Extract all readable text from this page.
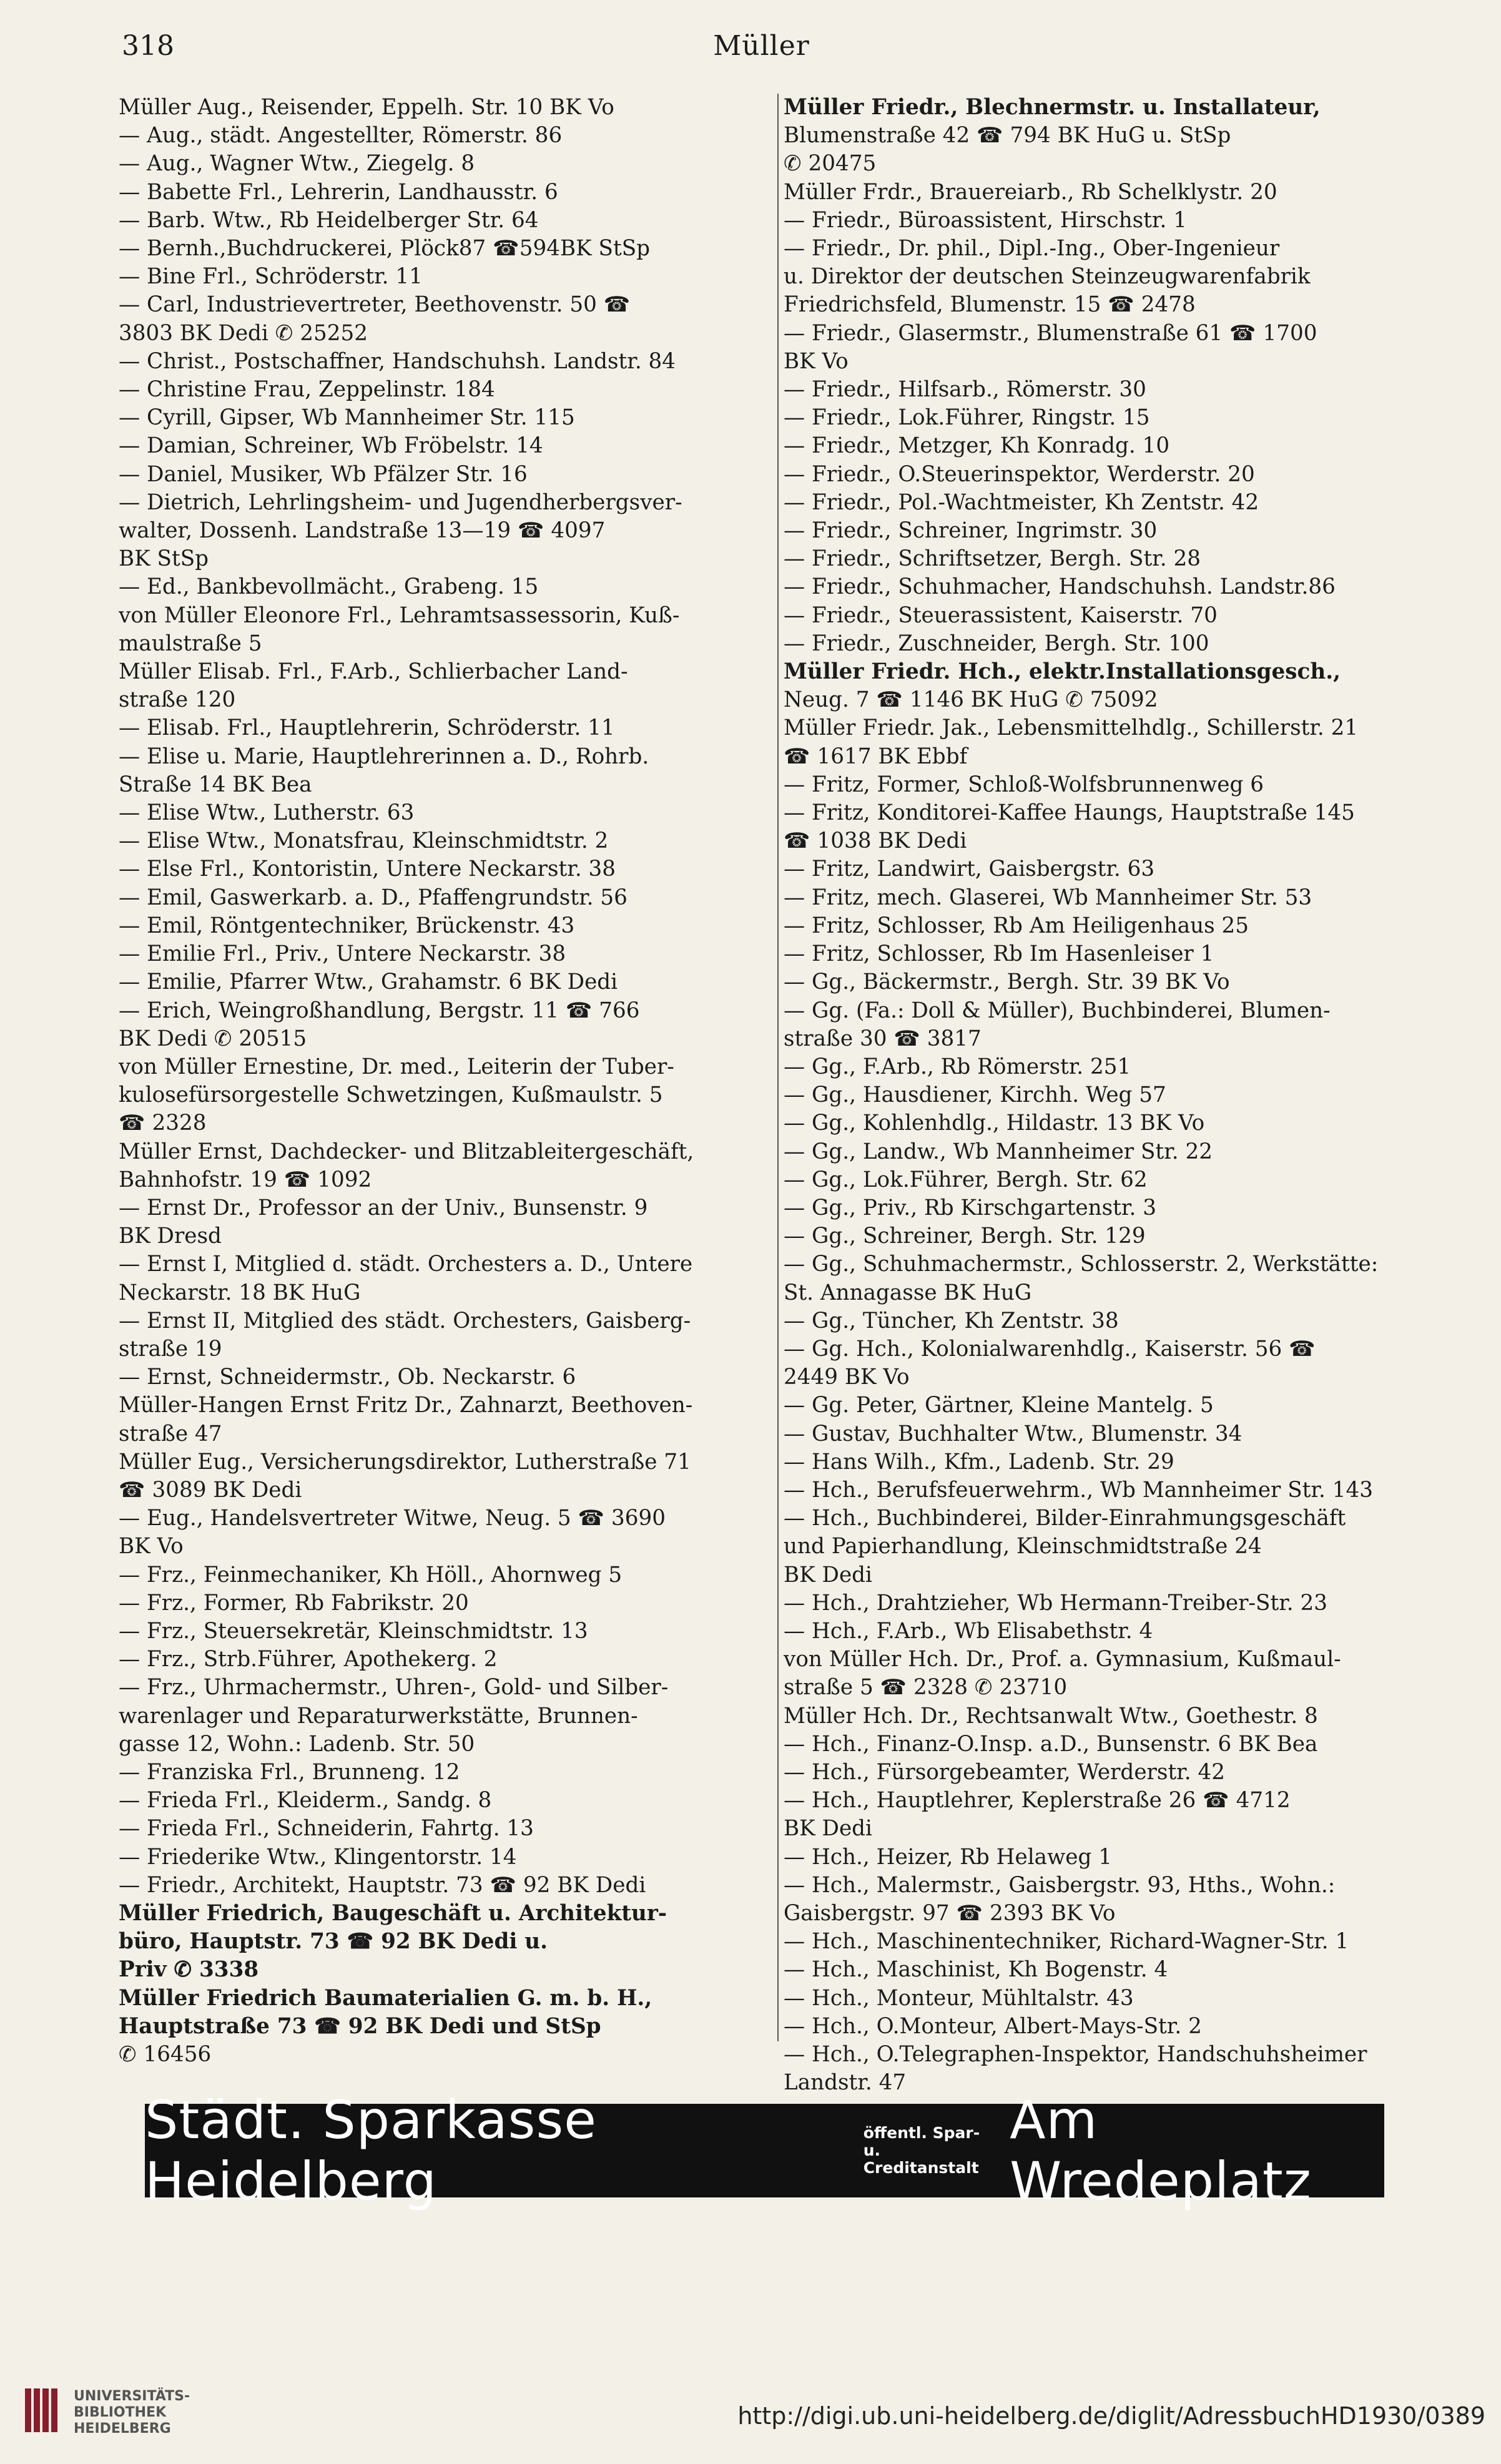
318	Müller
Müller Aug., Reisender, Eppelh. Str. 10 BK Vo
— Aug., städt. Angestellter, Römerstr. 86
— Aug., Wagner Wtw., Ziegelg. 8
— Babette Frl., Lehrerin, Landhausstr. 6
— Barb. Wtw., Rb Heidelberger Str. 64
— Bernh.,Buchdruckerei, Plöck87 ☎594BK StSp
— Bine Frl., Schröderstr. 11
— Carl, Industrievertreter, Beethovenstr. 50 ☎
3803 BK Dedi ✆ 25252
— Christ., Postschaffner, Handschuhsh. Landstr. 84
— Christine Frau, Zeppelinstr. 184
— Cyrill, Gipser, Wb Mannheimer Str. 115
— Damian, Schreiner, Wb Fröbelstr. 14
— Daniel, Musiker, Wb Pfälzer Str. 16
— Dietrich, Lehrlingsheim- und Jugendherbergsver-
walter, Dossenh. Landstraße 13—19 ☎ 4097
BK StSp
— Ed., Bankbevollmächt., Grabeng. 15
von Müller Eleonore Frl., Lehramtsassessorin, Kuß-
maulstraße 5
Müller Elisab. Frl., F.Arb., Schlierbacher Land-
straße 120
— Elisab. Frl., Hauptlehrerin, Schröderstr. 11
— Elise u. Marie, Hauptlehrerinnen a. D., Rohrb.
Straße 14 BK Bea
— Elise Wtw., Lutherstr. 63
— Elise Wtw., Monatsfrau, Kleinschmidtstr. 2
— Else Frl., Kontoristin, Untere Neckarstr. 38
— Emil, Gaswerkarb. a. D., Pfaffengrundstr. 56
— Emil, Röntgentechniker, Brückenstr. 43
— Emilie Frl., Priv., Untere Neckarstr. 38
— Emilie, Pfarrer Wtw., Grahamstr. 6 BK Dedi
— Erich, Weingroßhandlung, Bergstr. 11 ☎ 766
BK Dedi ✆ 20515
von Müller Ernestine, Dr. med., Leiterin der Tuber-
kulosefürsorgestelle Schwetzingen, Kußmaulstr. 5
☎ 2328
Müller Ernst, Dachdecker- und Blitzableitergeschäft,
Bahnhofstr. 19 ☎ 1092
— Ernst Dr., Professor an der Univ., Bunsenstr. 9
BK Dresd
— Ernst I, Mitglied d. städt. Orchesters a. D., Untere
Neckarstr. 18 BK HuG
— Ernst II, Mitglied des städt. Orchesters, Gaisberg-
straße 19
— Ernst, Schneidermstr., Ob. Neckarstr. 6
Müller-Hangen Ernst Fritz Dr., Zahnarzt, Beethoven-
straße 47
Müller Eug., Versicherungsdirektor, Lutherstraße 71
☎ 3089 BK Dedi
— Eug., Handelsvertreter Witwe, Neug. 5 ☎ 3690
BK Vo
— Frz., Feinmechaniker, Kh Höll., Ahornweg 5
— Frz., Former, Rb Fabrikstr. 20
— Frz., Steuersekretär, Kleinschmidtstr. 13
— Frz., Strb.Führer, Apothekerg. 2
— Frz., Uhrmachermstr., Uhren-, Gold- und Silber-
warenlager und Reparaturwerkstätte, Brunnen-
gasse 12, Wohn.: Ladenb. Str. 50
— Franziska Frl., Brunneng. 12
— Frieda Frl., Kleiderm., Sandg. 8
— Frieda Frl., Schneiderin, Fahrtg. 13
— Friederike Wtw., Klingentorstr. 14
— Friedr., Architekt, Hauptstr. 73 ☎ 92 BK Dedi
Müller Friedrich, Baugeschäft u. Architektur-
büro, Hauptstr. 73 ☎ 92 BK Dedi u.
Priv ✆ 3338
Müller Friedrich Baumaterialien G. m. b. H.,
Hauptstraße 73 ☎ 92 BK Dedi und StSp
✆ 16456
Müller Friedr., Blechnermstr. u. Installateur,
Blumenstraße 42 ☎ 794 BK HuG u. StSp
✆ 20475
Müller Frdr., Brauereiarb., Rb Schelklystr. 20
— Friedr., Büroassistent, Hirschstr. 1
— Friedr., Dr. phil., Dipl.-Ing., Ober-Ingenieur
u. Direktor der deutschen Steinzeugwarenfabrik
Friedrichsfeld, Blumenstr. 15 ☎ 2478
— Friedr., Glasermstr., Blumenstraße 61 ☎ 1700
BK Vo
— Friedr., Hilfsarb., Römerstr. 30
— Friedr., Lok.Führer, Ringstr. 15
— Friedr., Metzger, Kh Konradg. 10
— Friedr., O.Steuerinspektor, Werderstr. 20
— Friedr., Pol.-Wachtmeister, Kh Zentstr. 42
— Friedr., Schreiner, Ingrimstr. 30
— Friedr., Schriftsetzer, Bergh. Str. 28
— Friedr., Schuhmacher, Handschuhsh. Landstr.86
— Friedr., Steuerassistent, Kaiserstr. 70
— Friedr., Zuschneider, Bergh. Str. 100
Müller Friedr. Hch., elektr.Installationsgesch.,
Neug. 7 ☎ 1146 BK HuG ✆ 75092
Müller Friedr. Jak., Lebensmittelhdlg., Schillerstr. 21
☎ 1617 BK Ebbf
— Fritz, Former, Schloß-Wolfsbrunnenweg 6
— Fritz, Konditorei-Kaffee Haungs, Hauptstraße 145
☎ 1038 BK Dedi
— Fritz, Landwirt, Gaisbergstr. 63
— Fritz, mech. Glaserei, Wb Mannheimer Str. 53
— Fritz, Schlosser, Rb Am Heiligenhaus 25
— Fritz, Schlosser, Rb Im Hasenleiser 1
— Gg., Bäckermstr., Bergh. Str. 39 BK Vo
— Gg. (Fa.: Doll & Müller), Buchbinderei, Blumen-
straße 30 ☎ 3817
— Gg., F.Arb., Rb Römerstr. 251
— Gg., Hausdiener, Kirchh. Weg 57
— Gg., Kohlenhdlg., Hildastr. 13 BK Vo
— Gg., Landw., Wb Mannheimer Str. 22
— Gg., Lok.Führer, Bergh. Str. 62
— Gg., Priv., Rb Kirschgartenstr. 3
— Gg., Schreiner, Bergh. Str. 129
— Gg., Schuhmachermstr., Schlosserstr. 2, Werkstätte:
St. Annagasse BK HuG
— Gg., Tüncher, Kh Zentstr. 38
— Gg. Hch., Kolonialwarenhdlg., Kaiserstr. 56 ☎
2449 BK Vo
— Gg. Peter, Gärtner, Kleine Mantelg. 5
— Gustav, Buchhalter Wtw., Blumenstr. 34
— Hans Wilh., Kfm., Ladenb. Str. 29
— Hch., Berufsfeuerwehrm., Wb Mannheimer Str. 143
— Hch., Buchbinderei, Bilder-Einrahmungsgeschäft
und Papierhandlung, Kleinschmidtstraße 24
BK Dedi
— Hch., Drahtzieher, Wb Hermann-Treiber-Str. 23
— Hch., F.Arb., Wb Elisabethstr. 4
von Müller Hch. Dr., Prof. a. Gymnasium, Kußmaul-
straße 5 ☎ 2328 ✆ 23710
Müller Hch. Dr., Rechtsanwalt Wtw., Goethestr. 8
— Hch., Finanz-O.Insp. a.D., Bunsenstr. 6 BK Bea
— Hch., Fürsorgebeamter, Werderstr. 42
— Hch., Hauptlehrer, Keplerstraße 26 ☎ 4712
BK Dedi
— Hch., Heizer, Rb Helaweg 1
— Hch., Malermstr., Gaisbergstr. 93, Hths., Wohn.:
Gaisbergstr. 97 ☎ 2393 BK Vo
— Hch., Maschinentechniker, Richard-Wagner-Str. 1
— Hch., Maschinist, Kh Bogenstr. 4
— Hch., Monteur, Mühltalstr. 43
— Hch., O.Monteur, Albert-Mays-Str. 2
— Hch., O.Telegraphen-Inspektor, Handschuhsheimer
Landstr. 47
Städt. Sparkasse Heidelberg
öffentl. Spar- u.
Creditanstalt
Am Wredeplatz
UNIVERSITÄTS-
BIBLIOTHEK
HEIDELBERG	http://digi.ub.uni-heidelberg.de/diglit/AdressbuchHD1930/0389
